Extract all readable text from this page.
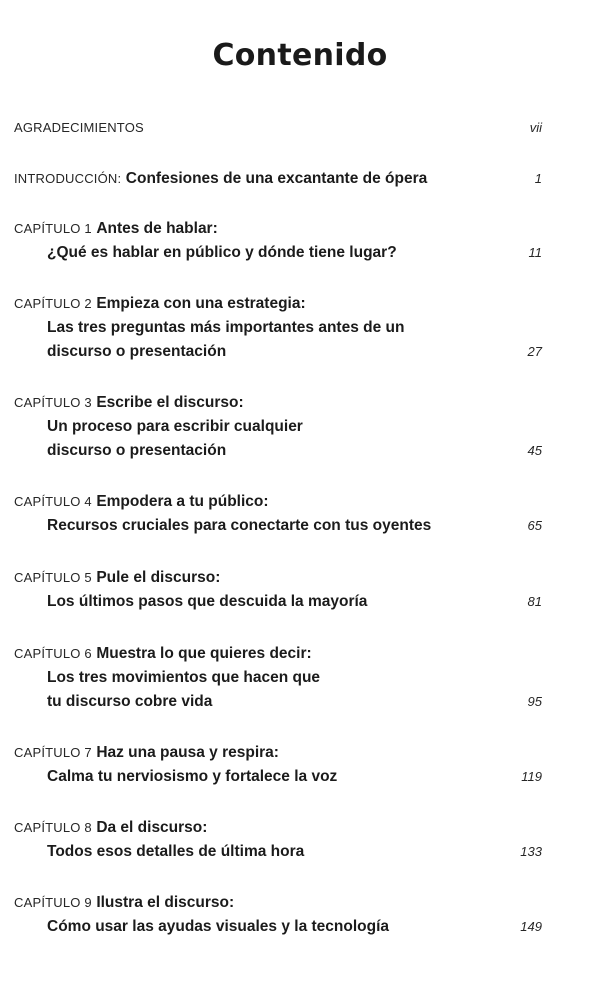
Contenido
AGRADECIMIENTOS	vii
INTRODUCCIÓN: Confesiones de una excantante de ópera	1
CAPÍTULO 1 Antes de hablar:
¿Qué es hablar en público y dónde tiene lugar?	11
CAPÍTULO 2 Empieza con una estrategia:
Las tres preguntas más importantes antes de un
discurso o presentación	27
CAPÍTULO 3 Escribe el discurso:
Un proceso para escribir cualquier
discurso o presentación	45
CAPÍTULO 4 Empodera a tu público:
Recursos cruciales para conectarte con tus oyentes	65
CAPÍTULO 5 Pule el discurso:
Los últimos pasos que descuida la mayoría	81
CAPÍTULO 6 Muestra lo que quieres decir:
Los tres movimientos que hacen que
tu discurso cobre vida	95
CAPÍTULO 7 Haz una pausa y respira:
Calma tu nerviosismo y fortalece la voz	119
CAPÍTULO 8 Da el discurso:
Todos esos detalles de última hora	133
CAPÍTULO 9 Ilustra el discurso:
Cómo usar las ayudas visuales y la tecnología	149
